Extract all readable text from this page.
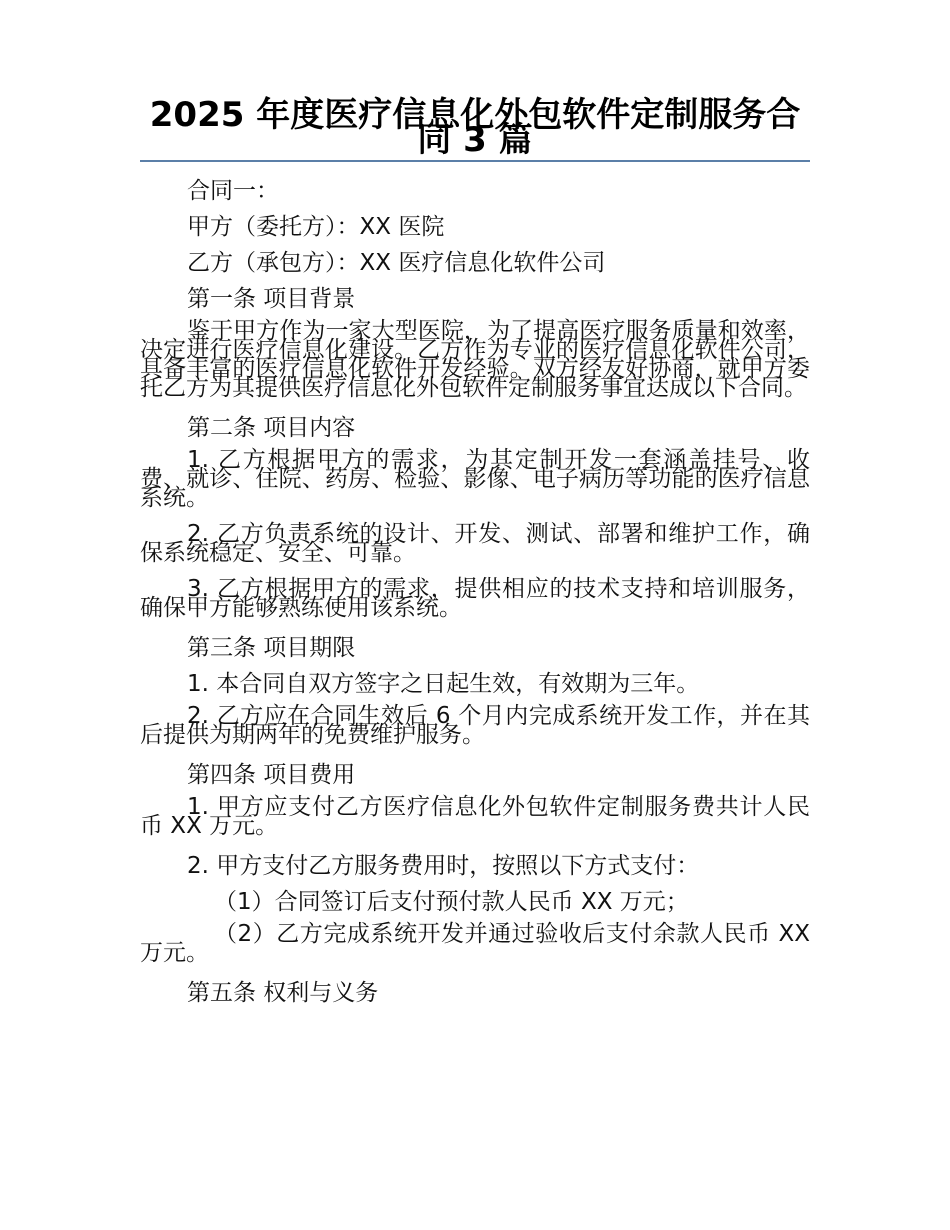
2025 年度医疗信息化外包软件定制服务合同 3 篇

合同一：

甲方（委托方）：XX 医院

乙方（承包方）：XX 医疗信息化软件公司

第一条 项目背景

鉴于甲方作为一家大型医院，为了提高医疗服务质量和效率，决定进行医疗信息化建设。乙方作为专业的医疗信息化软件公司，具备丰富的医疗信息化软件开发经验。双方经友好协商，就甲方委托乙方为其提供医疗信息化外包软件定制服务事宜达成以下合同。

第二条 项目内容

1. 乙方根据甲方的需求，为其定制开发一套涵盖挂号、收费、就诊、住院、药房、检验、影像、电子病历等功能的医疗信息系统。

2. 乙方负责系统的设计、开发、测试、部署和维护工作，确保系统稳定、安全、可靠。

3. 乙方根据甲方的需求，提供相应的技术支持和培训服务，确保甲方能够熟练使用该系统。

第三条 项目期限

1. 本合同自双方签字之日起生效，有效期为三年。

2. 乙方应在合同生效后 6 个月内完成系统开发工作，并在其后提供为期两年的免费维护服务。

第四条 项目费用

1. 甲方应支付乙方医疗信息化外包软件定制服务费共计人民币 XX 万元。

2. 甲方支付乙方服务费用时，按照以下方式支付：

（1）合同签订后支付预付款人民币 XX 万元；

（2）乙方完成系统开发并通过验收后支付余款人民币 XX 万元。

第五条 权利与义务
